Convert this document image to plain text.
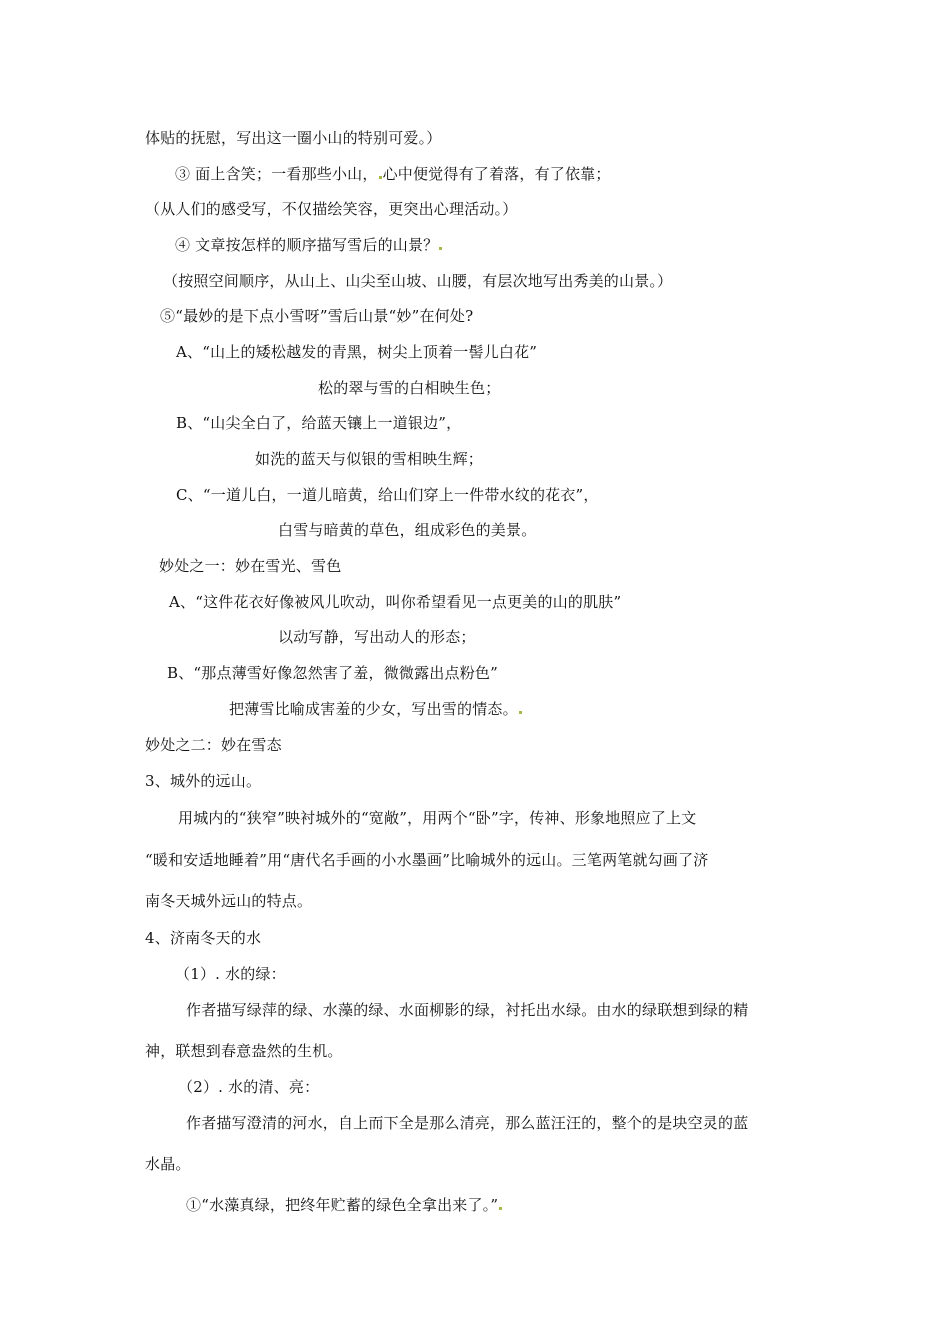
体贴的抚慰，写出这一圈小山的特别可爱。）
③ 面上含笑；一看那些小山， 心中便觉得有了着落，有了依靠；
（从人们的感受写，不仅描绘笑容，更突出心理活动。）
④ 文章按怎样的顺序描写雪后的山景？
（按照空间顺序，从山上、山尖至山坡、山腰，有层次地写出秀美的山景。）
⑤“最妙的是下点小雪呀”雪后山景“妙”在何处?
A、“山上的矮松越发的青黑，树尖上顶着一髻儿白花”
松的翠与雪的白相映生色；
B、“山尖全白了，给蓝天镶上一道银边”，
如洗的蓝天与似银的雪相映生辉；
C、“一道儿白，一道儿暗黄，给山们穿上一件带水纹的花衣”，
白雪与暗黄的草色，组成彩色的美景。
妙处之一：妙在雪光、雪色
A、“这件花衣好像被风儿吹动，叫你希望看见一点更美的山的肌肤”
以动写静，写出动人的形态；
B、“那点薄雪好像忽然害了羞，微微露出点粉色”
把薄雪比喻成害羞的少女，写出雪的情态。
妙处之二：妙在雪态
3、城外的远山。
用城内的“狭窄”映衬城外的“宽敞”，用两个“卧”字，传神、形象地照应了上文
“暖和安适地睡着”用“唐代名手画的小水墨画”比喻城外的远山。三笔两笔就勾画了济
南冬天城外远山的特点。
4、济南冬天的水
（1）. 水的绿：
作者描写绿萍的绿、水藻的绿、水面柳影的绿，衬托出水绿。由水的绿联想到绿的精
神，联想到春意盎然的生机。
（2）. 水的清、亮：
作者描写澄清的河水，自上而下全是那么清亮，那么蓝汪汪的，整个的是块空灵的蓝
水晶。
①“水藻真绿，把终年贮蓄的绿色全拿出来了。”
